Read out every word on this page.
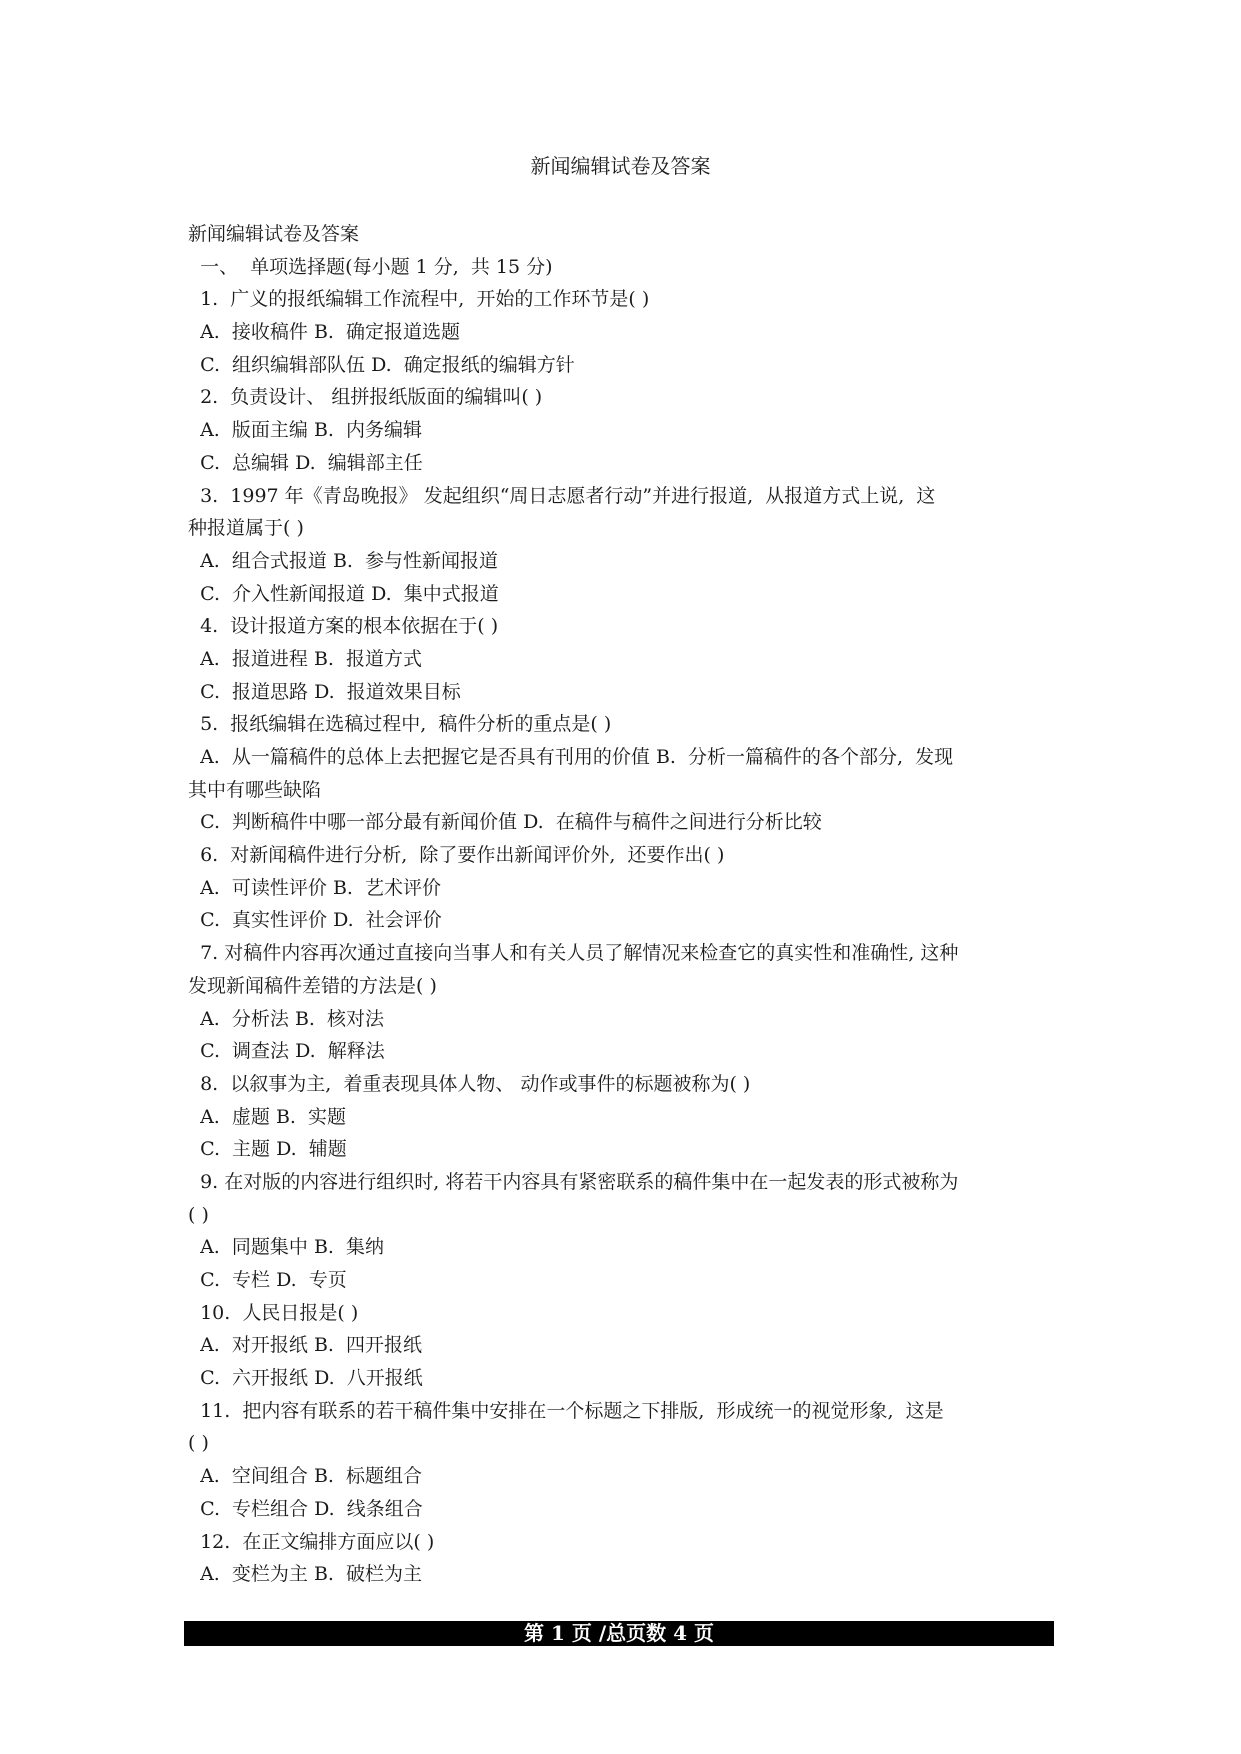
新闻编辑试卷及答案
新闻编辑试卷及答案
一、  单项选择题(每小题 1 分,  共 15 分)
1.  广义的报纸编辑工作流程中,  开始的工作环节是( )
A.  接收稿件 B.  确定报道选题
C.  组织编辑部队伍 D.  确定报纸的编辑方针
2.  负责设计、 组拼报纸版面的编辑叫( )
A.  版面主编 B.  内务编辑
C.  总编辑 D.  编辑部主任
3.  1997 年《青岛晚报》 发起组织“周日志愿者行动”并进行报道,  从报道方式上说,  这
种报道属于( )
A.  组合式报道 B.  参与性新闻报道
C.  介入性新闻报道 D.  集中式报道
4.  设计报道方案的根本依据在于( )
A.  报道进程 B.  报道方式
C.  报道思路 D.  报道效果目标
5.  报纸编辑在选稿过程中,  稿件分析的重点是( )
A.  从一篇稿件的总体上去把握它是否具有刊用的价值 B.  分析一篇稿件的各个部分,  发现
其中有哪些缺陷
C.  判断稿件中哪一部分最有新闻价值 D.  在稿件与稿件之间进行分析比较
6.  对新闻稿件进行分析,  除了要作出新闻评价外,  还要作出( )
A.  可读性评价 B.  艺术评价
C.  真实性评价 D.  社会评价
7. 对稿件内容再次通过直接向当事人和有关人员了解情况来检查它的真实性和准确性, 这种
发现新闻稿件差错的方法是( )
A.  分析法 B.  核对法
C.  调查法 D.  解释法
8.  以叙事为主,  着重表现具体人物、 动作或事件的标题被称为( )
A.  虚题 B.  实题
C.  主题 D.  辅题
9. 在对版的内容进行组织时, 将若干内容具有紧密联系的稿件集中在一起发表的形式被称为
( )
A.  同题集中 B.  集纳
C.  专栏 D.  专页
10.  人民日报是( )
A.  对开报纸 B.  四开报纸
C.  六开报纸 D.  八开报纸
11.  把内容有联系的若干稿件集中安排在一个标题之下排版,  形成统一的视觉形象,  这是
( )
A.  空间组合 B.  标题组合
C.  专栏组合 D.  线条组合
12.  在正文编排方面应以( )
A.  变栏为主 B.  破栏为主
第 1 页 /总页数 4 页
